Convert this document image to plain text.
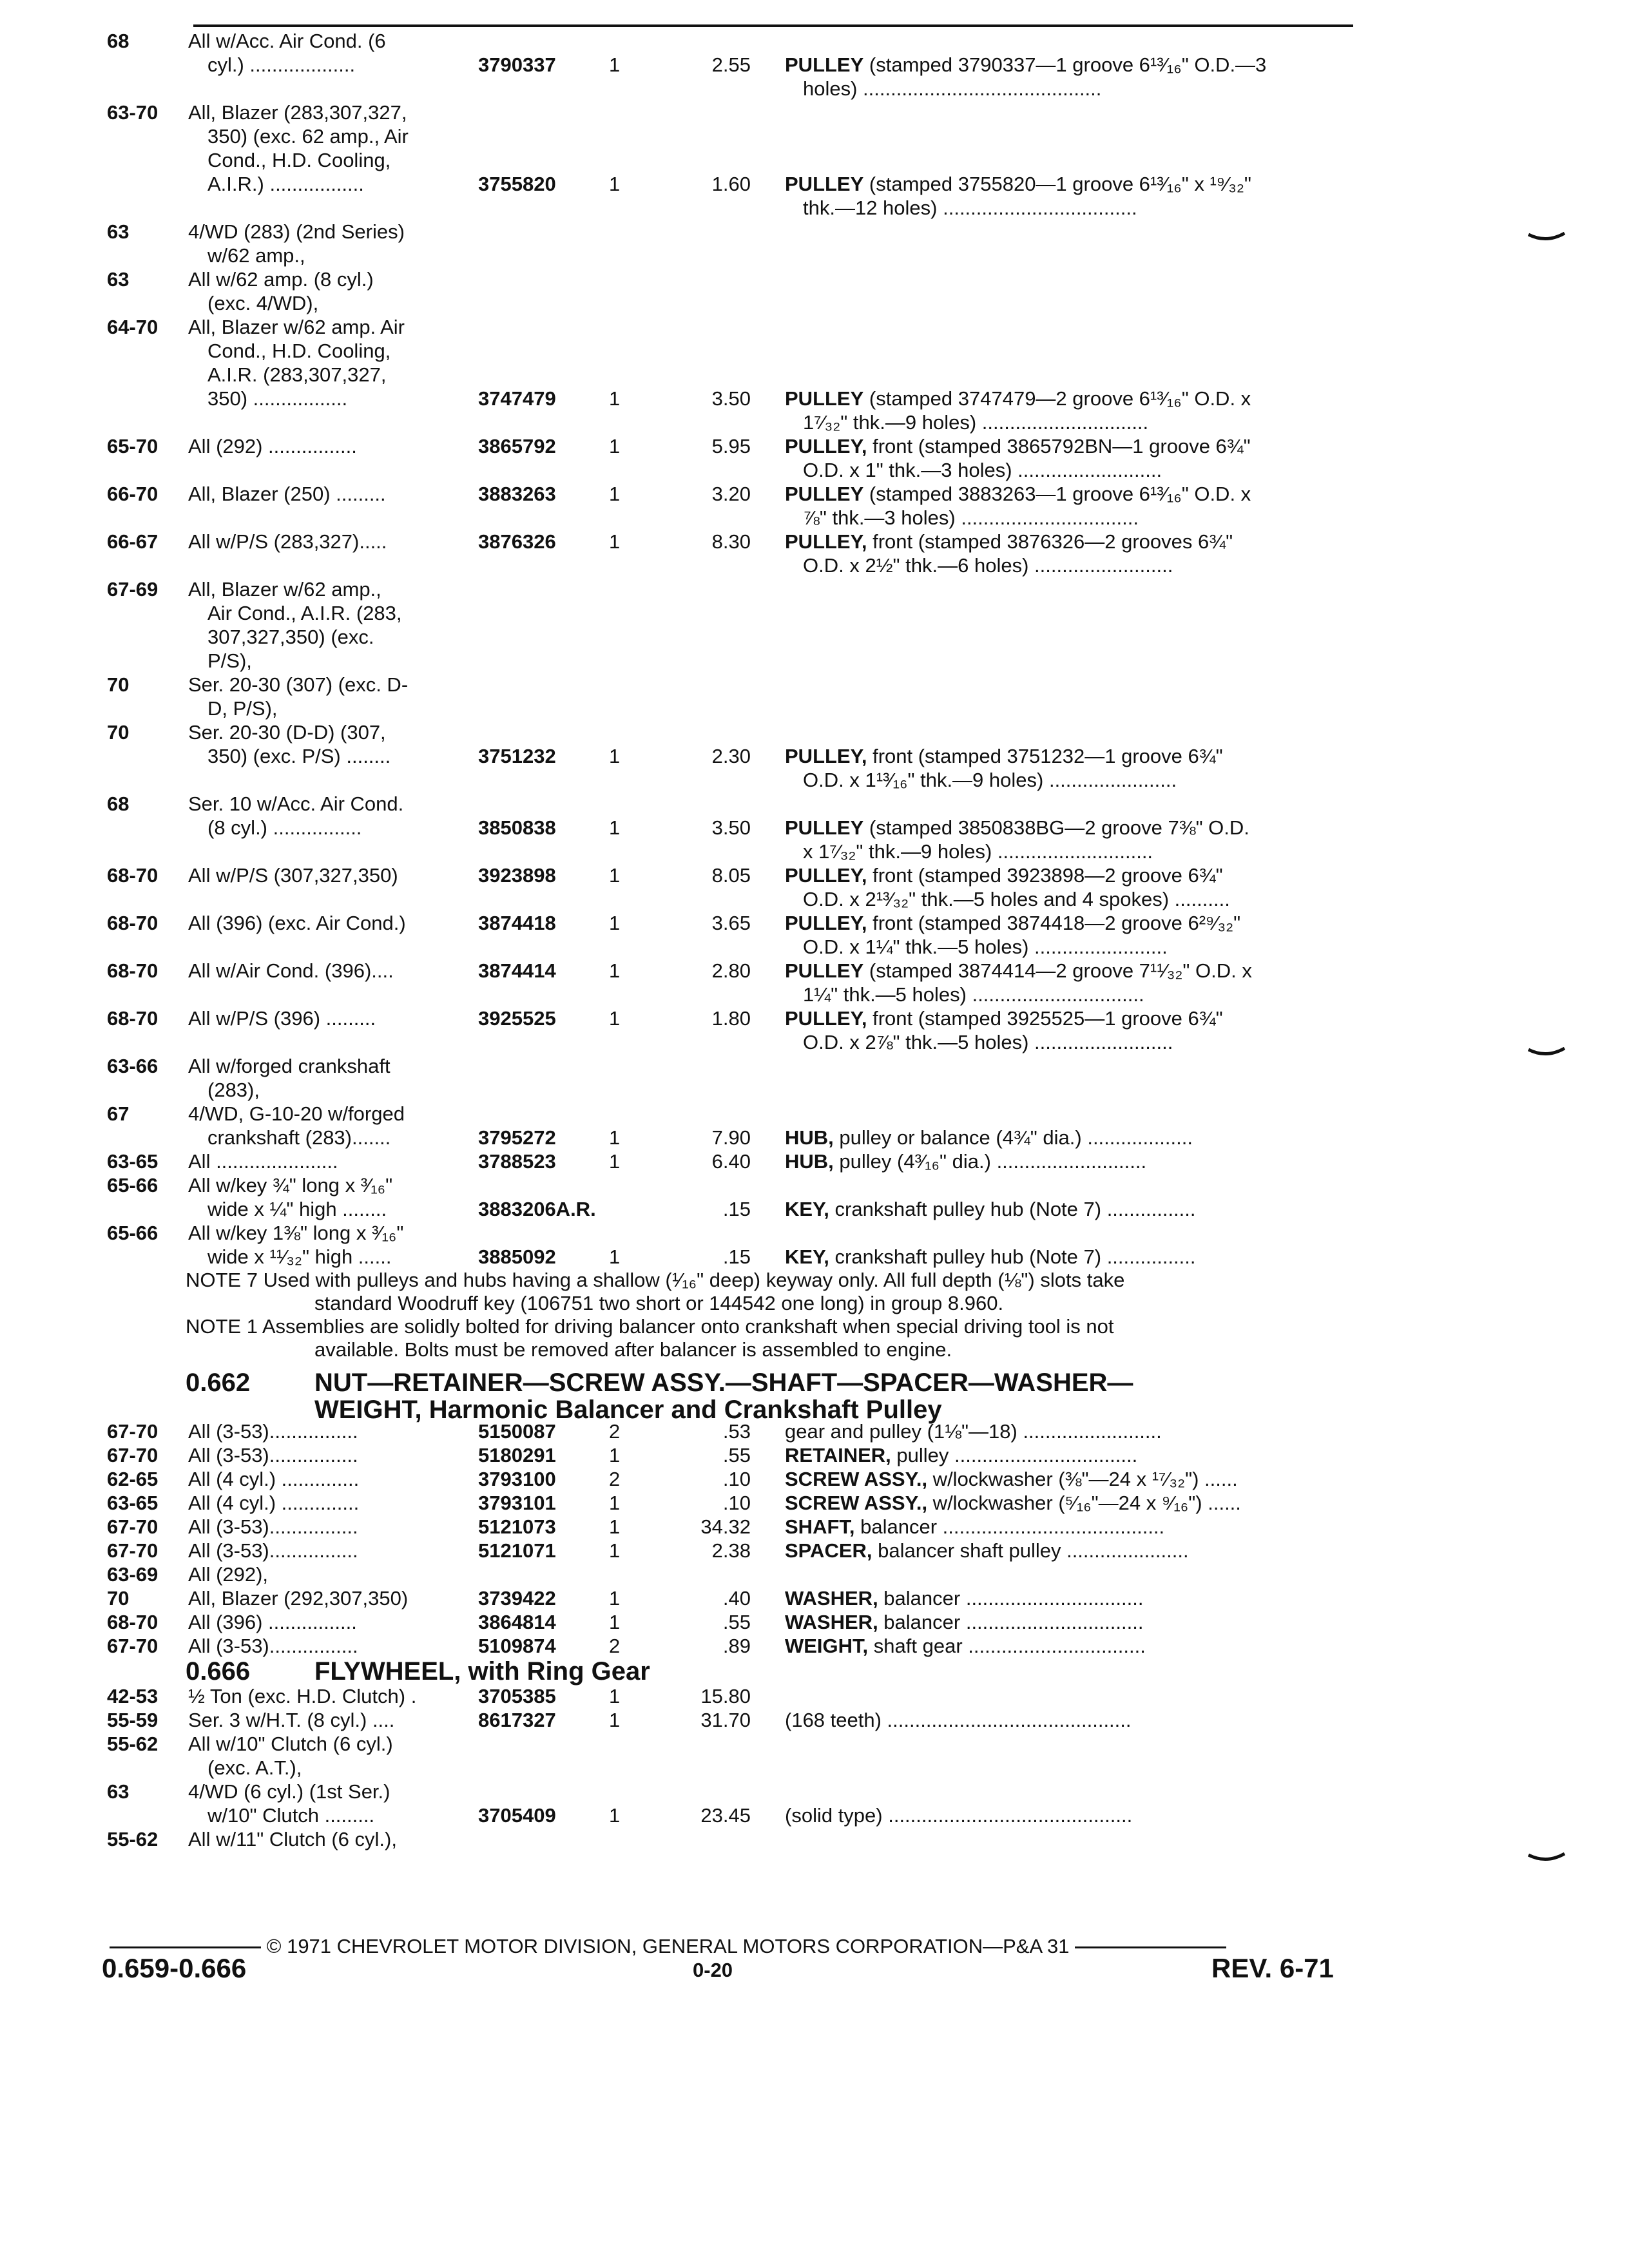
68	All w/Acc. Air Cond. (6
cyl.) ...................	3790337	1	2.55 PULLEY (stamped 3790337—1 groove 6¹³⁄₁₆" O.D.—3
holes) ...........................................
63-70	All, Blazer (283,307,327,
350) (exc. 62 amp., Air
Cond., H.D. Cooling,
A.I.R.) .................	3755820	1	1.60 PULLEY (stamped 3755820—1 groove 6¹³⁄₁₆" x ¹⁹⁄₃₂"
thk.—12 holes) ...................................
63	4/WD (283) (2nd Series)
w/62 amp.,
63	All w/62 amp. (8 cyl.)
(exc. 4/WD),
64-70	All, Blazer w/62 amp. Air
Cond., H.D. Cooling,
A.I.R. (283,307,327,
350) .................	3747479	1	3.50 PULLEY (stamped 3747479—2 groove 6¹³⁄₁₆" O.D. x
1⁷⁄₃₂" thk.—9 holes) ..............................
65-70	All (292) ................	3865792	1	5.95 PULLEY, front (stamped 3865792BN—1 groove 6¾"
O.D. x 1" thk.—3 holes) ..........................
66-70	All, Blazer (250) .........	3883263	1	3.20 PULLEY (stamped 3883263—1 groove 6¹³⁄₁₆" O.D. x
⅞" thk.—3 holes) ................................
66-67	All w/P/S (283,327).....	3876326	1	8.30 PULLEY, front (stamped 3876326—2 grooves 6¾"
O.D. x 2½" thk.—6 holes) .........................
67-69	All, Blazer w/62 amp.,
Air Cond., A.I.R. (283,
307,327,350) (exc.
P/S),
70	Ser. 20-30 (307) (exc. D-
D, P/S),
70	Ser. 20-30 (D-D) (307,
350) (exc. P/S) ........	3751232	1	2.30 PULLEY, front (stamped 3751232—1 groove 6¾"
O.D. x 1¹³⁄₁₆" thk.—9 holes) .......................
68	Ser. 10 w/Acc. Air Cond.
(8 cyl.) ................	3850838	1	3.50 PULLEY (stamped 3850838BG—2 groove 7⅜" O.D.
x 1⁷⁄₃₂" thk.—9 holes) ............................
68-70	All w/P/S (307,327,350)	3923898	1	8.05 PULLEY, front (stamped 3923898—2 groove 6¾"
O.D. x 2¹³⁄₃₂" thk.—5 holes and 4 spokes) ..........
68-70	All (396) (exc. Air Cond.)	3874418	1	3.65 PULLEY, front (stamped 3874418—2 groove 6²⁹⁄₃₂"
O.D. x 1¼" thk.—5 holes) ........................
68-70	All w/Air Cond. (396)....	3874414	1	2.80 PULLEY (stamped 3874414—2 groove 7¹¹⁄₃₂" O.D. x
1¼" thk.—5 holes) ...............................
68-70	All w/P/S (396) .........	3925525	1	1.80 PULLEY, front (stamped 3925525—1 groove 6¾"
O.D. x 2⅞" thk.—5 holes) .........................
63-66	All w/forged crankshaft
(283),
67	4/WD, G-10-20 w/forged
crankshaft (283).......	3795272	1	7.90 HUB, pulley or balance (4¾" dia.) ...................
63-65	All ......................	3788523	1	6.40 HUB, pulley (4³⁄₁₆" dia.) ...........................
65-66	All w/key ¾" long x ³⁄₁₆"
wide x ¼" high ........	3883206A.R.	.15 KEY, crankshaft pulley hub (Note 7) ................
65-66	All w/key 1⅜" long x ³⁄₁₆"
wide x ¹¹⁄₃₂" high ......	3885092	1	.15 KEY, crankshaft pulley hub (Note 7) ................
NOTE 7 Used with pulleys and hubs having a shallow (¹⁄₁₆" deep) keyway only. All full depth (⅛") slots take
standard Woodruff key (106751 two short or 144542 one long) in group 8.960.
NOTE 1 Assemblies are solidly bolted for driving balancer onto crankshaft when special driving tool is not
available. Bolts must be removed after balancer is assembled to engine.
0.662 NUT—RETAINER—SCREW ASSY.—SHAFT—SPACER—WASHER—
WEIGHT, Harmonic Balancer and Crankshaft Pulley
67-70	All (3-53)................	5150087	2	.53 gear and pulley (1⅛"—18) .........................
67-70	All (3-53)................	5180291	1	.55 RETAINER, pulley .................................
62-65	All (4 cyl.) ..............	3793100	2	.10 SCREW ASSY., w/lockwasher (⅜"—24 x ¹⁷⁄₃₂") ......
63-65	All (4 cyl.) ..............	3793101	1	.10 SCREW ASSY., w/lockwasher (⁵⁄₁₆"—24 x ⁹⁄₁₆") ......
67-70	All (3-53)................	5121073	1	34.32 SHAFT, balancer ........................................
67-70	All (3-53)................	5121071	1	2.38 SPACER, balancer shaft pulley ......................
63-69	All (292),
70	All, Blazer (292,307,350)	3739422	1	.40 WASHER, balancer ................................
68-70	All (396) ................	3864814	1	.55 WASHER, balancer ................................
67-70	All (3-53)................	5109874	2	.89 WEIGHT, shaft gear ................................
0.666 FLYWHEEL, with Ring Gear
42-53	½ Ton (exc. H.D. Clutch) .	3705385	1	15.80
55-59	Ser. 3 w/H.T. (8 cyl.) ....	8617327	1	31.70 (168 teeth) ............................................
55-62	All w/10" Clutch (6 cyl.)
(exc. A.T.),
63	4/WD (6 cyl.) (1st Ser.)
w/10" Clutch .........	3705409	1	23.45 (solid type) ............................................
55-62	All w/11" Clutch (6 cyl.),
© 1971 CHEVROLET MOTOR DIVISION, GENERAL MOTORS CORPORATION—P&A 31
0.659-0.666	0-20	REV. 6-71
